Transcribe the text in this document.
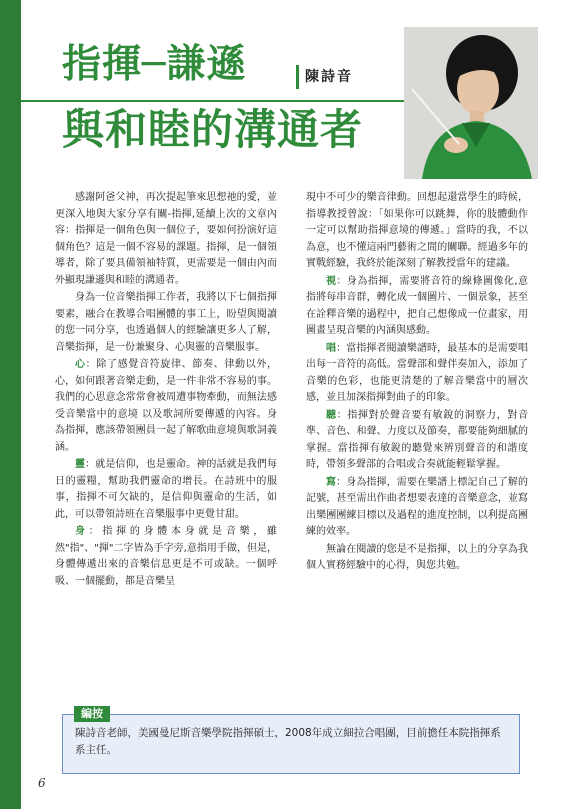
指揮─謙遜	陳詩音
與和睦的溝通者

感謝阿爸父神，再次提起筆來思想祂的愛，並更深入地與大家分享有關-指揮,延續上次的文章內容：指揮是一個角色與一個位子，要如何扮演好這個角色？這是一個不容易的課題。指揮，是一個領導者，除了要具備領袖特質，更需要是一個由內而外顯現謙遜與和睦的溝通者。

身為一位音樂指揮工作者，我將以下七個指揮要素，融合在教導合唱團體的事工上，盼望與閱讀的您一同分享，也透過個人的經驗讓更多人了解，音樂指揮，是一份兼聚身、心與靈的音樂服事。

心：除了感覺音符旋律、節奏、律動以外，心，如何跟著音樂走動，是一件非常不容易的事。我們的心思意念常常會被周遭事物牽動，而無法感受音樂當中的意境 以及歌詞所要傳遞的內容。身為指揮，應該帶領團員一起了解歌曲意境與歌詞義涵。

靈：就是信仰，也是靈命。神的話就是我們每日的靈糧，幫助我們靈命的增長。在詩班中的服事，指揮不可欠缺的，是信仰與靈命的生活，如此，可以帶領詩班在音樂服事中更覺甘甜。

身：指揮的身體本身就是音樂，雖然"指"、"揮"二字皆為手字旁,意指用手做，但是，身體傳遞出來的音樂信息更是不可或缺。一個呼吸、一個擺動，都是音樂呈

現中不可少的樂音律動。回想起還當學生的時候，指導教授曾說：「如果你可以跳舞，你的肢體動作一定可以幫助指揮意境的傳遞。」當時的我，不以為意，也不懂這兩門藝術之間的關聯。經過多年的實戰經驗，我終於能深刻了解教授當年的建議。

視：身為指揮，需要將音符的線條圖像化,意指將每串音群，轉化成一個圖片、一個景象，甚至在詮釋音樂的過程中，把自己想像成一位畫家，用圖畫呈現音樂的內涵與感動。

唱：當指揮者閱讀樂譜時，最基本的是需要唱出每一音符的高低。當聲部和聲伴奏加入，添加了音樂的色彩，也能更清楚的了解音樂當中的層次感，並且加深指揮對曲子的印象。

聽：指揮對於聲音要有敏銳的洞察力，對音準、音色、和聲、力度以及節奏，都要能夠細膩的掌握。當指揮有敏銳的聽覺來辨別聲音的和諧度時，帶領多聲部的合唱或合奏就能輕鬆掌握。

寫：身為指揮，需要在樂譜上標記自己了解的記號，甚至需出作曲者想要表達的音樂意念，並寫出樂團團練目標以及過程的進度控制，以利提高團練的效率。

無論在閱讀的您是不是指揮，以上的分享為我個人實務經驗中的心得，與您共勉。

編按
陳詩音老師，美國曼尼斯音樂學院指揮碩士，2008年成立細拉合唱團，目前擔任本院指揮系系主任。
6
